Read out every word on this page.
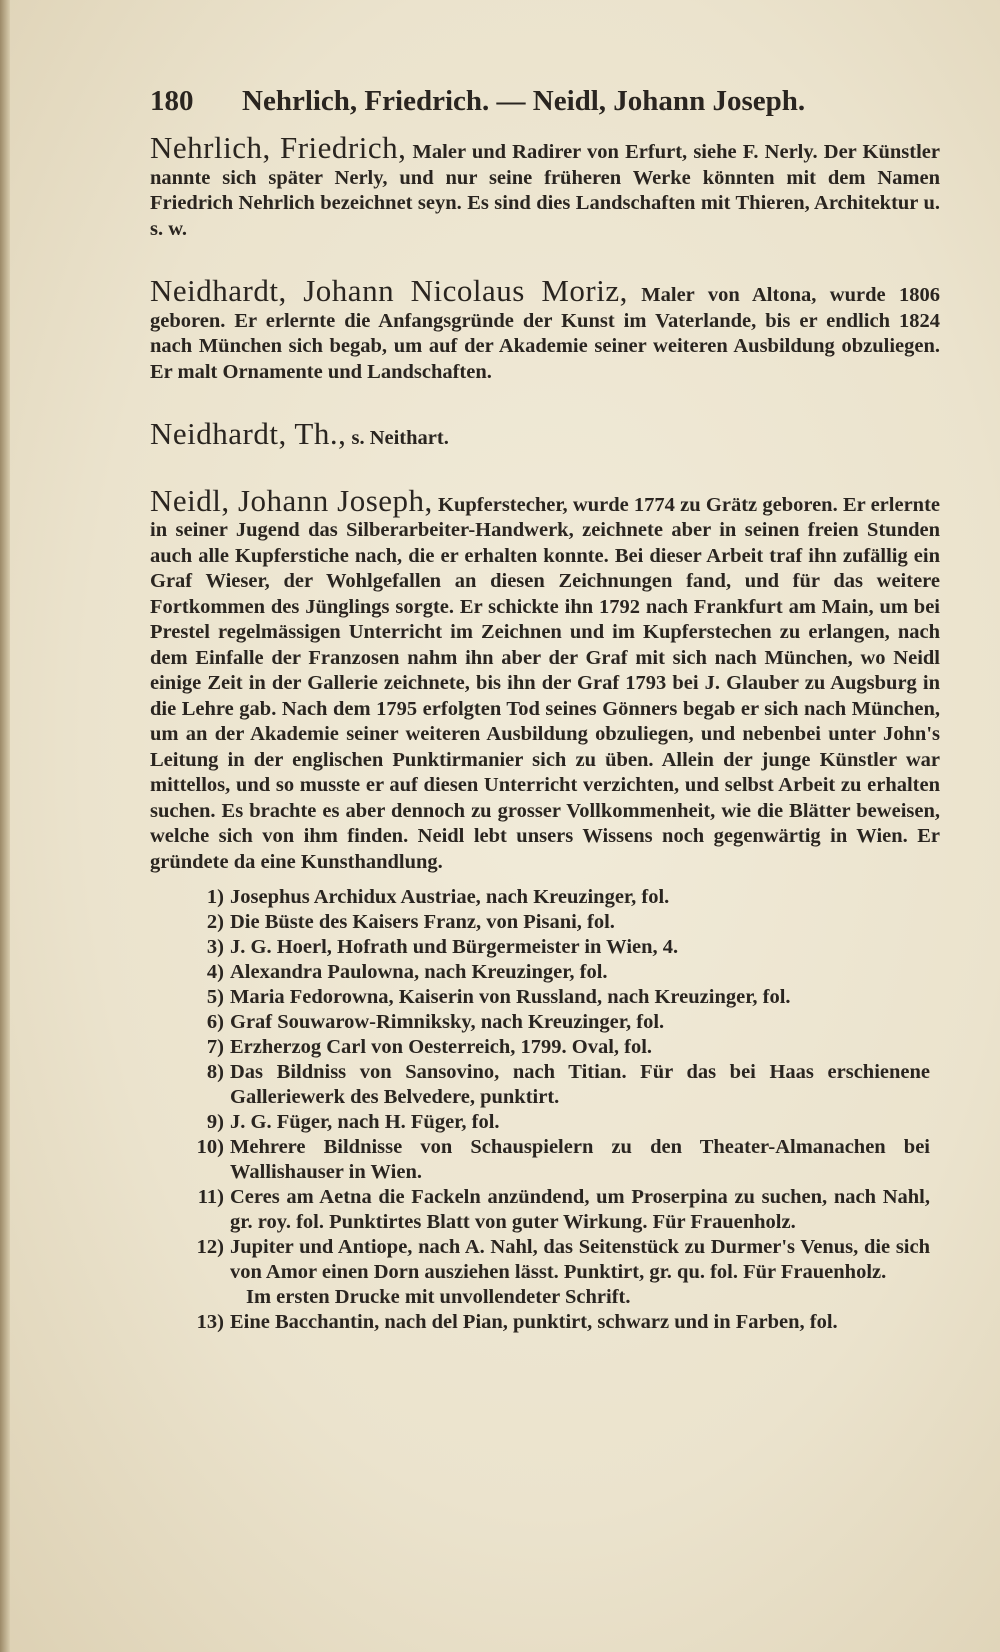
180 Nehrlich, Friedrich. — Neidl, Johann Joseph.

Nehrlich, Friedrich, Maler und Radirer von Erfurt, siehe F. Nerly. Der Künstler nannte sich später Nerly, und nur seine früheren Werke könnten mit dem Namen Friedrich Nehrlich bezeichnet seyn. Es sind dies Landschaften mit Thieren, Architektur u. s. w.

Neidhardt, Johann Nicolaus Moriz, Maler von Altona, wurde 1806 geboren. Er erlernte die Anfangsgründe der Kunst im Vaterlande, bis er endlich 1824 nach München sich begab, um auf der Akademie seiner weiteren Ausbildung obzuliegen. Er malt Ornamente und Landschaften.

Neidhardt, Th., s. Neithart.

Neidl, Johann Joseph, Kupferstecher, wurde 1774 zu Grätz geboren. Er erlernte in seiner Jugend das Silberarbeiter-Handwerk, zeichnete aber in seinen freien Stunden auch alle Kupferstiche nach, die er erhalten konnte. Bei dieser Arbeit traf ihn zufällig ein Graf Wieser, der Wohlgefallen an diesen Zeichnungen fand, und für das weitere Fortkommen des Jünglings sorgte. Er schickte ihn 1792 nach Frankfurt am Main, um bei Prestel regelmässigen Unterricht im Zeichnen und im Kupferstechen zu erlangen, nach dem Einfalle der Franzosen nahm ihn aber der Graf mit sich nach München, wo Neidl einige Zeit in der Gallerie zeichnete, bis ihn der Graf 1793 bei J. Glauber zu Augsburg in die Lehre gab. Nach dem 1795 erfolgten Tod seines Gönners begab er sich nach München, um an der Akademie seiner weiteren Ausbildung obzuliegen, und nebenbei unter John's Leitung in der englischen Punktirmanier sich zu üben. Allein der junge Künstler war mittellos, und so musste er auf diesen Unterricht verzichten, und selbst Arbeit zu erhalten suchen. Es brachte es aber dennoch zu grosser Vollkommenheit, wie die Blätter beweisen, welche sich von ihm finden. Neidl lebt unsers Wissens noch gegenwärtig in Wien. Er gründete da eine Kunsthandlung.

1) Josephus Archidux Austriae, nach Kreuzinger, fol.
2) Die Büste des Kaisers Franz, von Pisani, fol.
3) J. G. Hoerl, Hofrath und Bürgermeister in Wien, 4.
4) Alexandra Paulowna, nach Kreuzinger, fol.
5) Maria Fedorowna, Kaiserin von Russland, nach Kreuzinger, fol.
6) Graf Souwarow-Rimniksky, nach Kreuzinger, fol.
7) Erzherzog Carl von Oesterreich, 1799. Oval, fol.
8) Das Bildniss von Sansovino, nach Titian. Für das bei Haas erschienene Galleriewerk des Belvedere, punktirt.
9) J. G. Füger, nach H. Füger, fol.
10) Mehrere Bildnisse von Schauspielern zu den Theater-Almanachen bei Wallishauser in Wien.
11) Ceres am Aetna die Fackeln anzündend, um Proserpina zu suchen, nach Nahl, gr. roy. fol. Punktirtes Blatt von guter Wirkung. Für Frauenholz.
12) Jupiter und Antiope, nach A. Nahl, das Seitenstück zu Durmer's Venus, die sich von Amor einen Dorn ausziehen lässt. Punktirt, gr. qu. fol. Für Frauenholz.
Im ersten Drucke mit unvollendeter Schrift.
13) Eine Bacchantin, nach del Pian, punktirt, schwarz und in Farben, fol.
